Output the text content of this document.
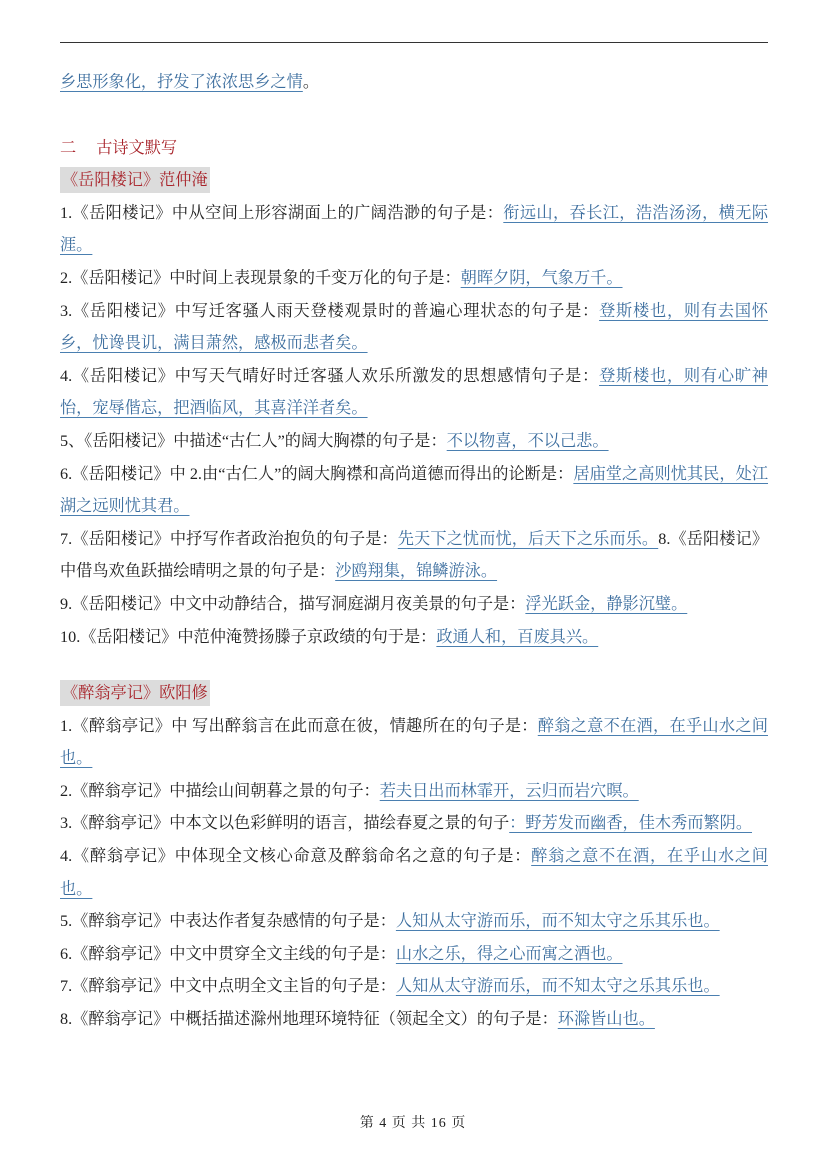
乡思形象化，抒发了浓浓思乡之情。

二 古诗文默写

《岳阳楼记》范仲淹

1.《岳阳楼记》中从空间上形容湖面上的广阔浩渺的句子是：衔远山，吞长江，浩浩汤汤，横无际涯。

2.《岳阳楼记》中时间上表现景象的千变万化的句子是：朝晖夕阴，气象万千。

3.《岳阳楼记》中写迁客骚人雨天登楼观景时的普遍心理状态的句子是：登斯楼也，则有去国怀乡，忧谗畏讥，满目萧然，感极而悲者矣。

4.《岳阳楼记》中写天气晴好时迁客骚人欢乐所激发的思想感情句子是：登斯楼也，则有心旷神怡，宠辱偕忘，把酒临风，其喜洋洋者矣。

5、《岳阳楼记》中描述“古仁人”的阔大胸襟的句子是：不以物喜，不以己悲。

6.《岳阳楼记》中 2.由“古仁人”的阔大胸襟和高尚道德而得出的论断是：居庙堂之高则忧其民，处江湖之远则忧其君。

7.《岳阳楼记》中抒写作者政治抱负的句子是：先天下之忧而忧，后天下之乐而乐。8.《岳阳楼记》中借鸟欢鱼跃描绘晴明之景的句子是：沙鸥翔集，锦鳞游泳。

9.《岳阳楼记》中文中动静结合，描写洞庭湖月夜美景的句子是：浮光跃金，静影沉璧。

10.《岳阳楼记》中范仲淹赞扬滕子京政绩的句于是：政通人和，百废具兴。

《醉翁亭记》欧阳修

1.《醉翁亭记》中 写出醉翁言在此而意在彼，情趣所在的句子是：醉翁之意不在酒，在乎山水之间也。

2.《醉翁亭记》中描绘山间朝暮之景的句子：若夫日出而林霏开，云归而岩穴暝。

3.《醉翁亭记》中本文以色彩鲜明的语言，描绘春夏之景的句子：野芳发而幽香，佳木秀而繁阴。

4.《醉翁亭记》中体现全文核心命意及醉翁命名之意的句子是：醉翁之意不在酒，在乎山水之间也。

5.《醉翁亭记》中表达作者复杂感情的句子是：人知从太守游而乐，而不知太守之乐其乐也。

6.《醉翁亭记》中文中贯穿全文主线的句子是：山水之乐，得之心而寓之酒也。

7.《醉翁亭记》中文中点明全文主旨的句子是：人知从太守游而乐，而不知太守之乐其乐也。

8.《醉翁亭记》中概括描述滁州地理环境特征（领起全文）的句子是：环滁皆山也。

第 4 页 共 16 页
